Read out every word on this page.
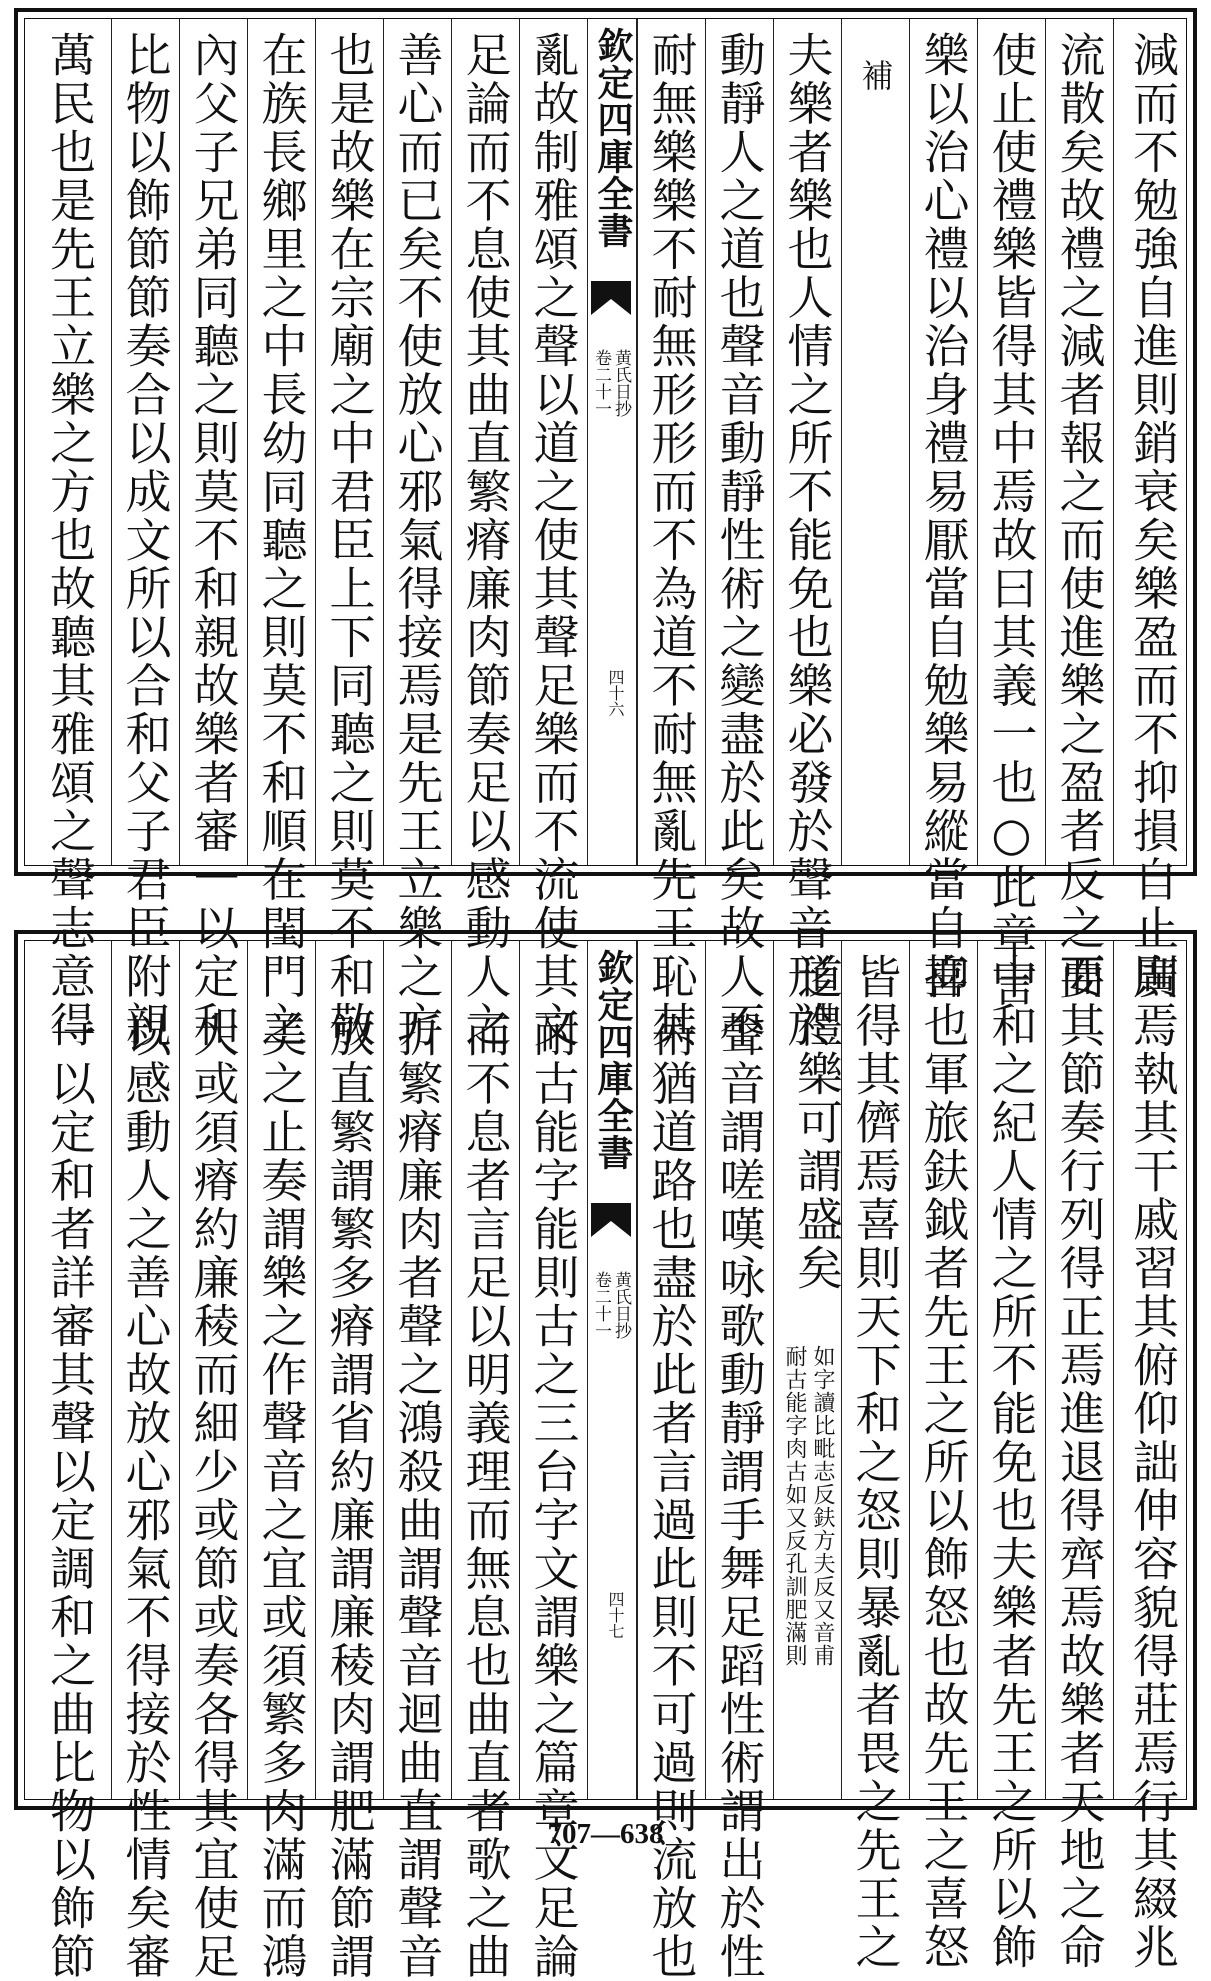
減而不勉強自進則銷衰矣樂盈而不抑損自止則
流散矣故禮之減者報之而使進樂之盈者反之而
使止使禮樂皆得其中焉故曰其義一也○此章言
樂以治心禮以治身禮易厭當自勉樂易縱當自抑
補
夫樂者樂也人情之所不能免也樂必發於聲音形於
動靜人之道也聲音動靜性術之變盡於此矣故人不
耐無樂樂不耐無形形而不為道不耐無亂先王恥其
欽定四庫全書
黄氏日抄
卷二十一
四十六
亂故制雅頌之聲以道之使其聲足樂而不流使其文
足論而不息使其曲直繁瘠廉肉節奏足以感動人之
善心而已矣不使放心邪氣得接焉是先王立樂之方
也是故樂在宗廟之中君臣上下同聽之則莫不和敬
在族長鄉里之中長幼同聽之則莫不和順在閨門之
內父子兄弟同聽之則莫不和親故樂者審一以定和
比物以飾節節奏合以成文所以合和父子君臣附親
萬民也是先王立樂之方也故聽其雅頌之聲志意得
廣焉執其干戚習其俯仰詘伸容貌得莊焉行其綴兆
要其節奏行列得正焉進退得齊焉故樂者天地之命
中和之紀人情之所不能免也夫樂者先王之所以飾
喜也軍旅鈇鉞者先王之所以飾怒也故先王之喜怒
皆得其儕焉喜則天下和之怒則暴亂者畏之先王之
道禮樂可謂盛矣
耐古能字肉古如又反孔訓肥滿則 如字讀比毗志反鈇方夫反又音甫
聲音謂嗟嘆咏歌動靜謂手舞足蹈性術謂出於性
術猶道路也盡於此者言過此則不可過則流放也
欽定四庫全書
黄氏日抄
卷二十一
四十七
耐古能字能則古之三台字文謂樂之篇章文足論
而不息者言足以明義理而無息也曲直者歌之曲
折繁瘠廉肉者聲之鴻殺曲謂聲音迴曲直謂聲音
放直繁謂繁多瘠謂省約廉謂廉稜肉謂肥滿節謂
美之止奏謂樂之作聲音之宜或須繁多肉滿而鴻
大或須瘠約廉稜而細少或節或奏各得其宜使足
以感動人之善心故放心邪氣不得接於性情矣審
一以定和者詳審其聲以定調和之曲比物以飾節	707—638
